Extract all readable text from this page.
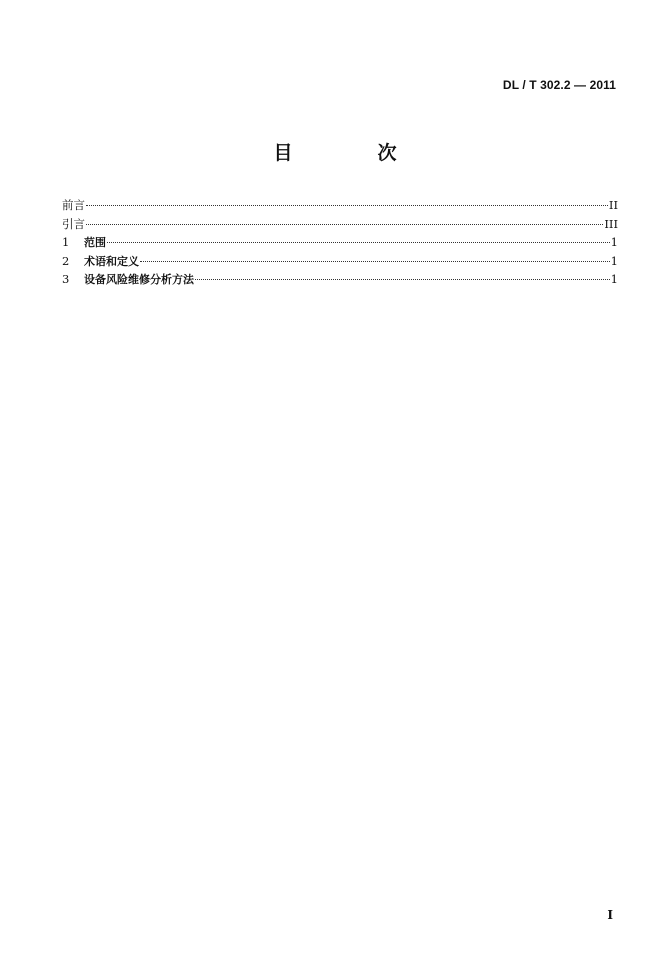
DL / T 302.2 — 2011
目　次
前言	II
引言	III
1	范围	1
2	术语和定义	1
3	设备风险维修分析方法	1
I
